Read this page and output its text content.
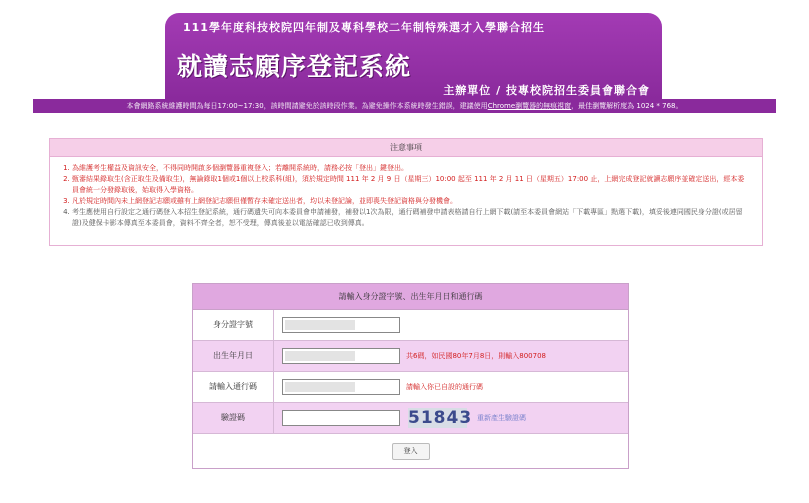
111學年度科技校院四年制及專科學校二年制特殊選才入學聯合招生
就讀志願序登記系統
主辦單位 / 技專校院招生委員會聯合會
本會網路系統維護時間為每日17:00~17:30，該時間請避免於該時段作業。為避免操作本系統時發生錯誤，建議使用Chrome瀏覽器的無痕視窗，最佳瀏覽解析度為 1024 * 768。
注意事項
1. 為維護考生權益及資訊安全，不得同時開啟多個瀏覽器重複登入；若離開系統時，請務必按「登出」鍵登出。
2. 甄審結果錄取生(含正取生及備取生)，無論錄取1個或1個以上校系科(組)，須於規定時間 111 年 2 月 9 日（星期三）10:00 起至 111 年 2 月 11 日（星期五）17:00 止，上網完成登記就讀志願序並確定送出，經本委員會統一分發錄取後，始取得入學資格。
3. 凡於規定時間內未上網登記志願或雖有上網登記志願但僅暫存未確定送出者，均以未登記論，並即喪失登記資格與分發機會。
4. 考生應使用自行設定之通行碼登入本招生登記系統，通行碼遺失可向本委員會申請補發，補發以1次為限，通行碼補發申請表格請自行上網下載(請至本委員會網站「下載專區」點選下載)，填妥後連同國民身分證(或居留證)及健保卡影本傳真至本委員會，資料不齊全者，恕不受理，傳真後並以電話確認已收到傳真。
請輸入身分證字號、出生年月日和通行碼
身分證字號
出生年月日	共6碼，如民國80年7月8日，則輸入800708
請輸入通行碼	請輸入你已自設的通行碼
驗證碼	51843 重新產生驗證碼
登入
